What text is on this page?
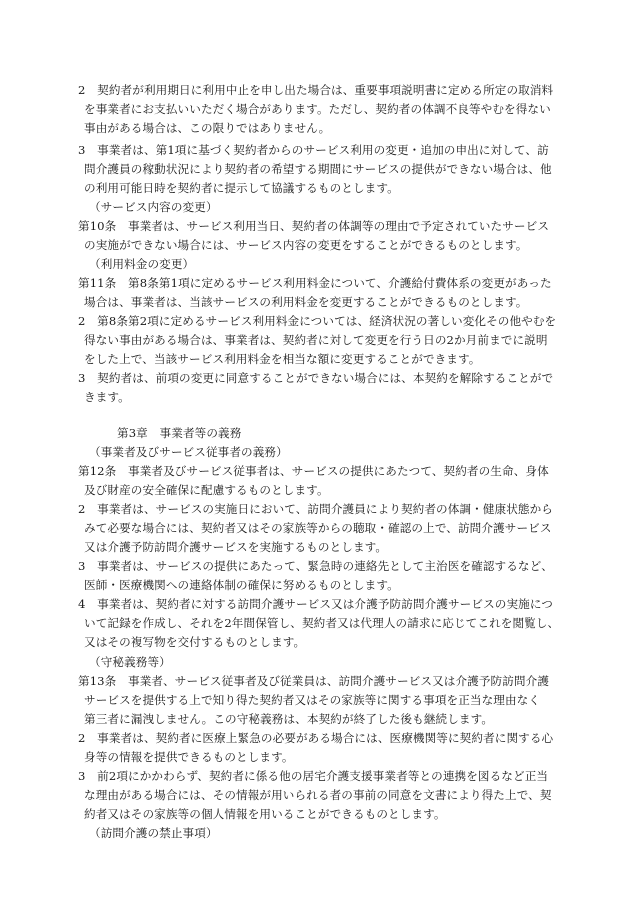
2　契約者が利用期日に利用中止を申し出た場合は、重要事項説明書に定める所定の取消料
を事業者にお支払いいただく場合があります。ただし、契約者の体調不良等やむを得ない
事由がある場合は、この限りではありません。
3　事業者は、第1項に基づく契約者からのサービス利用の変更・追加の申出に対して、訪
問介護員の稼動状況により契約者の希望する期間にサービスの提供ができない場合は、他
の利用可能日時を契約者に提示して協議するものとします。
（サービス内容の変更）
第10条　事業者は、サービス利用当日、契約者の体調等の理由で予定されていたサービス
の実施ができない場合には、サービス内容の変更をすることができるものとします。
（利用料金の変更）
第11条　第8条第1項に定めるサービス利用料金について、介護給付費体系の変更があった
場合は、事業者は、当該サービスの利用料金を変更することができるものとします。
2　第8条第2項に定めるサービス利用料金については、経済状況の著しい変化その他やむを
得ない事由がある場合は、事業者は、契約者に対して変更を行う日の2か月前までに説明
をした上で、当該サービス利用料金を相当な額に変更することができます。
3　契約者は、前項の変更に同意することができない場合には、本契約を解除することがで
きます。
第3章　事業者等の義務
（事業者及びサービス従事者の義務）
第12条　事業者及びサービス従事者は、サービスの提供にあたつて、契約者の生命、身体
及び財産の安全確保に配慮するものとします。
2　事業者は、サービスの実施日において、訪問介護員により契約者の体調・健康状態から
みて必要な場合には、契約者又はその家族等からの聴取・確認の上で、訪問介護サービス
又は介護予防訪問介護サービスを実施するものとします。
3　事業者は、サービスの提供にあたって、緊急時の連絡先として主治医を確認するなど、
医師・医療機関への連絡体制の確保に努めるものとします。
4　事業者は、契約者に対する訪問介護サービス又は介護予防訪問介護サービスの実施につ
いて記録を作成し、それを2年間保管し、契約者又は代理人の請求に応じてこれを閲覧し、
又はその複写物を交付するものとします。
（守秘義務等）
第13条　事業者、サービス従事者及び従業員は、訪問介護サービス又は介護予防訪問介護
サービスを提供する上で知り得た契約者又はその家族等に関する事項を正当な理由なく
第三者に漏洩しません。この守秘義務は、本契約が終了した後も継続します。
2　事業者は、契約者に医療上緊急の必要がある場合には、医療機関等に契約者に関する心
身等の情報を提供できるものとします。
3　前2項にかかわらず、契約者に係る他の居宅介護支援事業者等との連携を図るなど正当
な理由がある場合には、その情報が用いられる者の事前の同意を文書により得た上で、契
約者又はその家族等の個人情報を用いることができるものとします。
（訪問介護の禁止事項）
